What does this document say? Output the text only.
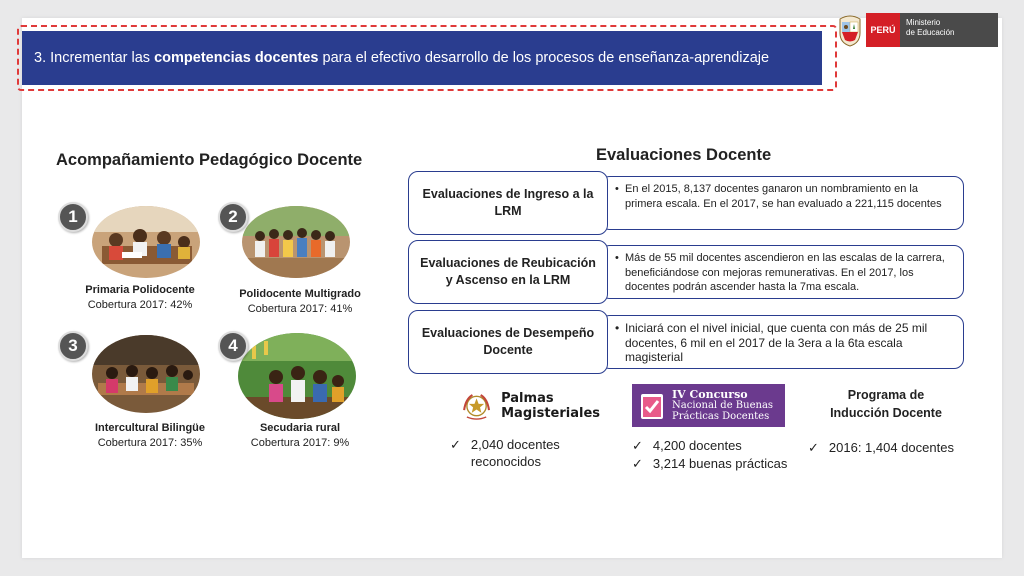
3. Incrementar las
competencias docentes
para el efectivo desarrollo de los procesos de enseñanza-aprendizaje
PERÚ
Ministerio
de Educación
Acompañamiento Pedagógico Docente
1
Primaria Polidocente
Cobertura 2017: 42%
2
Polidocente Multigrado
Cobertura 2017: 41%
3
Intercultural Bilingüe
Cobertura 2017: 35%
4
Secudaria rural
Cobertura 2017: 9%
Evaluaciones Docente
Evaluaciones de Ingreso a la LRM
• En el 2015, 8,137 docentes ganaron un nombramiento en la primera escala. En el 2017, se han evaluado a 221,115 docentes
Evaluaciones de Reubicación y Ascenso en la LRM
• Más de 55 mil docentes ascendieron en las escalas de la carrera, beneficiándose con mejoras remunerativas. En el 2017, los docentes podrán ascender hasta la 7ma escala.
Evaluaciones de Desempeño Docente
• Iniciará con el nivel inicial, que cuenta con más de 25 mil docentes, 6 mil en el 2017 de la 3era a la 6ta escala magisterial
Palmas
Magisteriales
✓ 2,040 docentes reconocidos
IV Concurso
Nacional de Buenas
Prácticas Docentes
✓ 4,200 docentes
✓ 3,214 buenas prácticas
Programa de Inducción Docente
✓ 2016: 1,404 docentes
